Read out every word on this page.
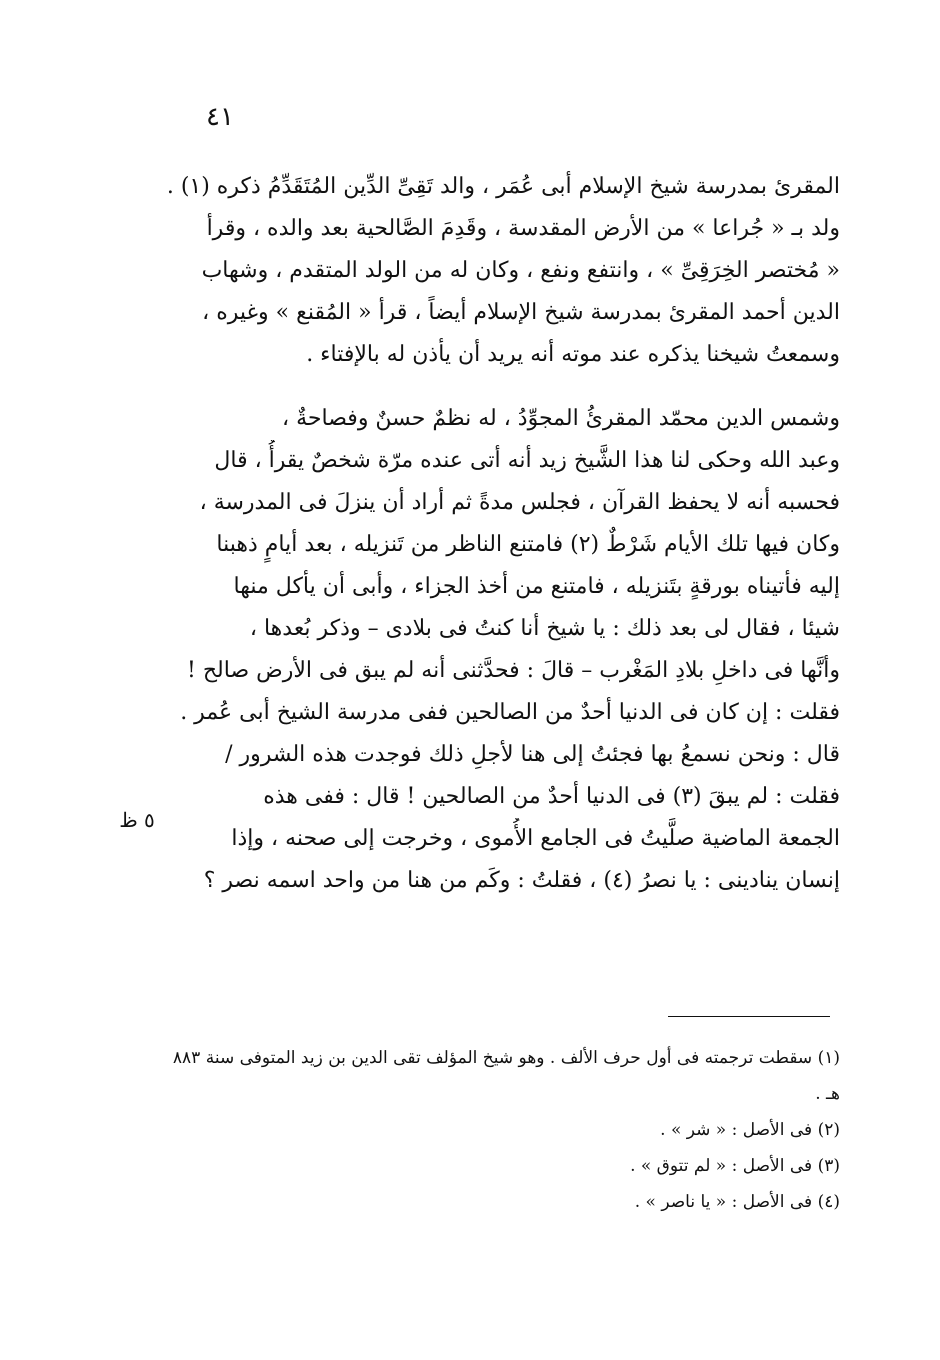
٤١

المقرئ بمدرسة شيخ الإسلام أبى عُمَر ، والد تَقِىِّ الدِّين المُتَقَدِّمُ ذكره (١) .
ولد بـ « جُراعا » من الأرض المقدسة ، وقَدِمَ الصَّالحية بعد والده ، وقرأ
« مُختصر الخِرَقِىِّ » ، وانتفع ونفع ، وكان له من الولد المتقدم ، وشهاب
الدين أحمد المقرئ بمدرسة شيخ الإسلام أيضاً ، قرأ « المُقنع » وغيره ،
وسمعتُ شيخنا يذكره عند موته أنه يريد أن يأذن له بالإفتاء .

وشمس الدين محمّد المقرئُ المجوِّدُ ، له نظمٌ حسنٌ وفصاحةٌ ،
وعبد الله وحكى لنا هذا الشَّيخ زيد أنه أتى عنده مرّة شخصٌ يقرأُ ، قال
فحسبه أنه لا يحفظ القرآن ، فجلس مدةً ثم أراد أن ينزلَ فى المدرسة ،
وكان فيها تلك الأيام شَرْطٌ (٢) فامتنع الناظر من تَنزيله ، بعد أيامٍ ذهبنا
إليه فأتيناه بورقةٍ بتَنزيله ، فامتنع من أخذ الجزاء ، وأبى أن يأكل منها
شيئا ، فقال لى بعد ذلك : يا شيخ أنا كنتُ فى بلادى – وذكر بُعدها ،
وأنَّها فى داخلِ بلادِ المَغْرب – قالَ : فحدَّثنى أنه لم يبق فى الأرض صالح !
فقلت : إن كان فى الدنيا أحدٌ من الصالحين ففى مدرسة الشيخ أبى عُمر .
قال : ونحن نسمعُ بها فجئتُ إلى هنا لأجلِ ذلك فوجدت هذه الشرور /
فقلت : لم يبقَ (٣) فى الدنيا أحدٌ من الصالحين ! قال : ففى هذه
الجمعة الماضية صلَّيتُ فى الجامع الأُموى ، وخرجت إلى صحنه ، وإذا
إنسان ينادينى : يا نصرُ (٤) ، فقلتُ : وكَم من هنا من واحد اسمه نصر ؟

٥ ظ

(١) سقطت ترجمته فى أول حرف الألف . وهو شيخ المؤلف تقى الدين بن زيد المتوفى سنة ٨٨٣ هـ .

(٢) فى الأصل : « شر » .

(٣) فى الأصل : « لم تتوق » .

(٤) فى الأصل : « يا ناصر » .
